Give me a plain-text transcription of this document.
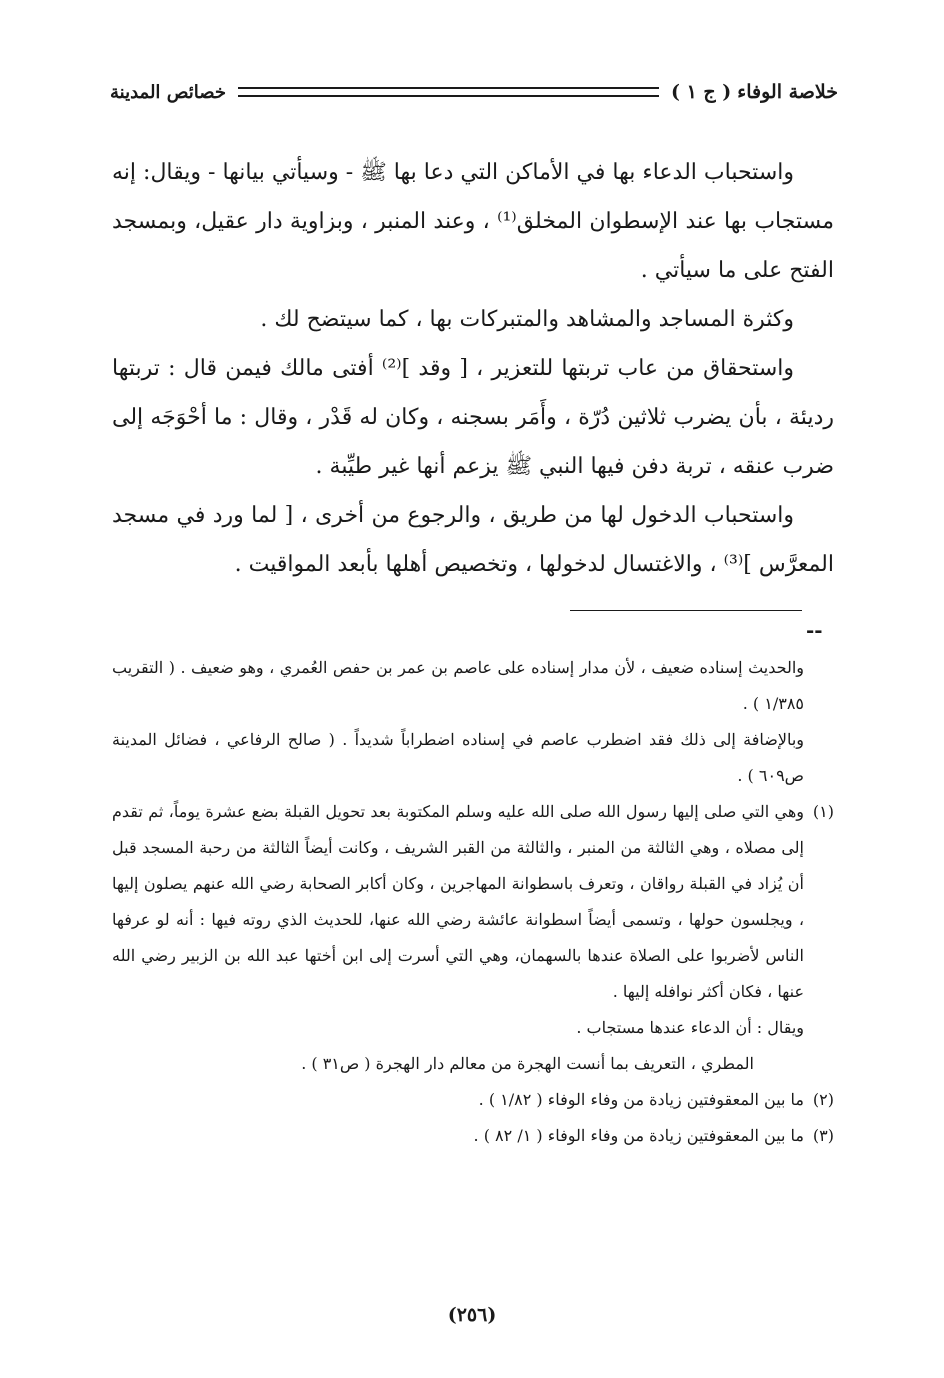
خلاصة الوفاء
( ج ١ )
خصائص المدينة

واستحباب الدعاء بها في الأماكن التي دعا بها ﷺ - وسيأتي بيانها - ويقال: إنه مستجاب بها عند الإسطوان المخلق⁽¹⁾ ، وعند المنبر ، وبزاوية دار عقيل، وبمسجد الفتح على ما سيأتي .

وكثرة المساجد والمشاهد والمتبركات بها ، كما سيتضح لك .

واستحقاق من عاب تربتها للتعزير ، [ وقد ]⁽²⁾ أفتى مالك فيمن قال : تربتها رديئة ، بأن يضرب ثلاثين دُرّة ، وأَمَر بسجنه ، وكان له قَدْر ، وقال : ما أحْوَجَه إلى ضرب عنقه ، تربة دفن فيها النبي ﷺ يزعم أنها غير طيِّبة .

واستحباب الدخول لها من طريق ، والرجوع من أخرى ، [ لما ورد في مسجد المعرَّس ]⁽³⁾ ، والاغتسال لدخولها ، وتخصيص أهلها بأبعد المواقيت .

--

والحديث إسناده ضعيف ، لأن مدار إسناده على عاصم بن عمر بن حفص العُمري ، وهو ضعيف . ( التقريب ١/٣٨٥ ) .

وبالإضافة إلى ذلك فقد اضطرب عاصم في إسناده اضطراباً شديداً . ( صالح الرفاعي ، فضائل المدينة ص٦٠٩ ) .

(١)
وهي التي صلى إليها رسول الله صلى الله عليه وسلم المكتوبة بعد تحويل القبلة بضع عشرة يوماً، ثم تقدم إلى مصلاه ، وهي الثالثة من المنبر ، والثالثة من القبر الشريف ، وكانت أيضاً الثالثة من رحبة المسجد قبل أن يُزاد في القبلة رواقان ، وتعرف باسطوانة المهاجرين ، وكان أكابر الصحابة رضي الله عنهم يصلون إليها ، ويجلسون حولها ، وتسمى أيضاً اسطوانة عائشة رضي الله عنها، للحديث الذي روته فيها : أنه لو عرفها الناس لأضربوا على الصلاة عندها بالسهمان، وهي التي أسرت إلى ابن أختها عبد الله بن الزبير رضي الله عنها ، فكان أكثر نوافله إليها .

ويقال : أن الدعاء عندها مستجاب .

المطري ، التعريف بما أنست الهجرة من معالم دار الهجرة ( ص٣١ ) .

(٢)
ما بين المعقوفتين زيادة من وفاء الوفاء ( ١/٨٢ ) .
(٣)
ما بين المعقوفتين زيادة من وفاء الوفاء ( ١/ ٨٢ ) .
(٢٥٦)
